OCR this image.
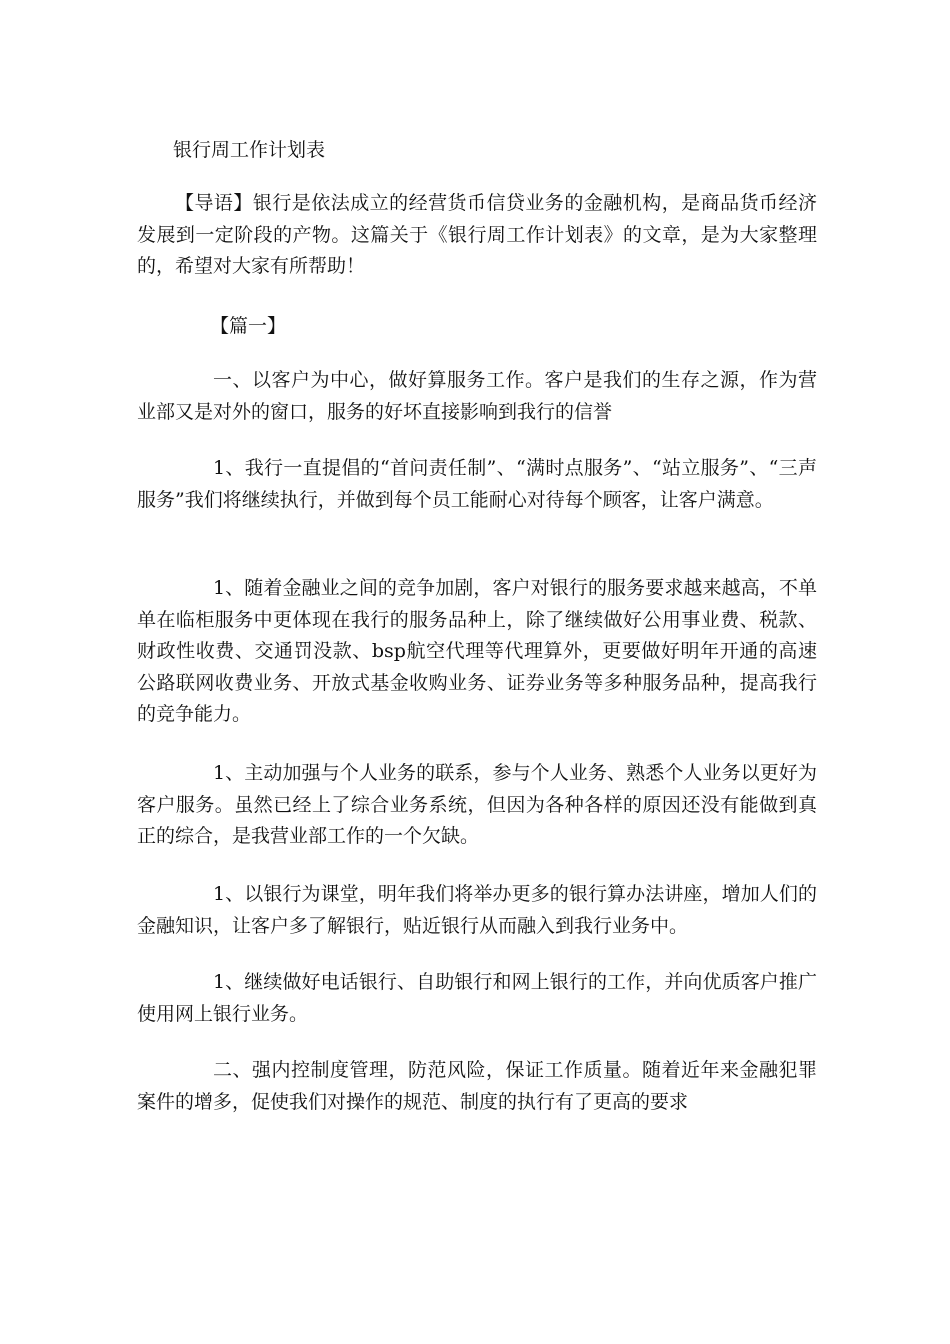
银行周工作计划表

【导语】银行是依法成立的经营货币信贷业务的金融机构，是商品货币经济发展到一定阶段的产物。这篇关于《银行周工作计划表》的文章，是为大家整理的，希望对大家有所帮助！

【篇一】

一、以客户为中心，做好算服务工作。客户是我们的生存之源，作为营业部又是对外的窗口，服务的好坏直接影响到我行的信誉

1、我行一直提倡的“首问责任制”、“满时点服务”、“站立服务”、“三声服务”我们将继续执行，并做到每个员工能耐心对待每个顾客，让客户满意。

1、随着金融业之间的竞争加剧，客户对银行的服务要求越来越高，不单单在临柜服务中更体现在我行的服务品种上，除了继续做好公用事业费、税款、财政性收费、交通罚没款、bsp航空代理等代理算外，更要做好明年开通的高速公路联网收费业务、开放式基金收购业务、证券业务等多种服务品种，提高我行的竞争能力。

1、主动加强与个人业务的联系，参与个人业务、熟悉个人业务以更好为客户服务。虽然已经上了综合业务系统，但因为各种各样的原因还没有能做到真正的综合，是我营业部工作的一个欠缺。

1、以银行为课堂，明年我们将举办更多的银行算办法讲座，增加人们的金融知识，让客户多了解银行，贴近银行从而融入到我行业务中。

1、继续做好电话银行、自助银行和网上银行的工作，并向优质客户推广使用网上银行业务。

二、强内控制度管理，防范风险，保证工作质量。随着近年来金融犯罪案件的增多，促使我们对操作的规范、制度的执行有了更高的要求
